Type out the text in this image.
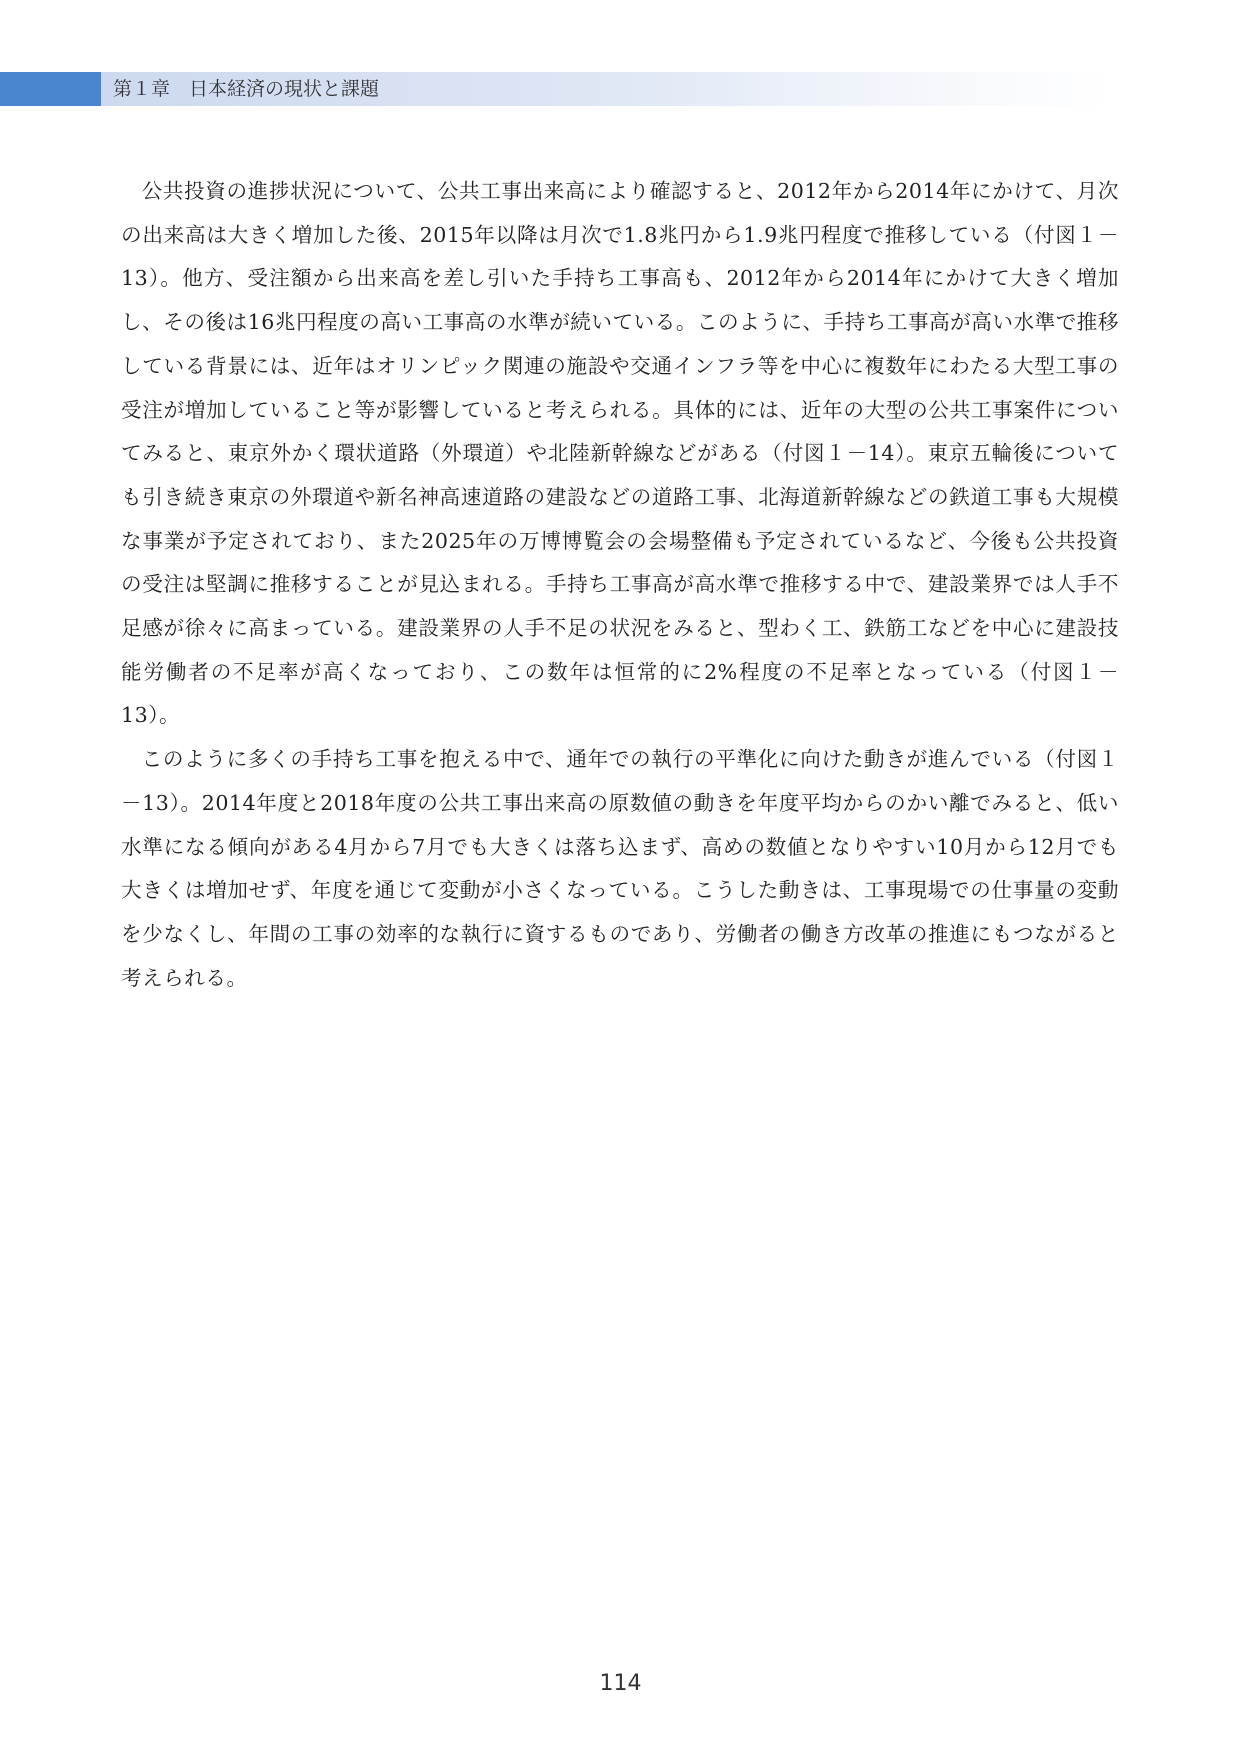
第１章　日本経済の現状と課題

公共投資の進捗状況について、公共工事出来高により確認すると、2012年から2014年にかけて、月次の出来高は大きく増加した後、2015年以降は月次で1.8兆円から1.9兆円程度で推移している（付図１－13）。他方、受注額から出来高を差し引いた手持ち工事高も、2012年から2014年にかけて大きく増加し、その後は16兆円程度の高い工事高の水準が続いている。このように、手持ち工事高が高い水準で推移している背景には、近年はオリンピック関連の施設や交通インフラ等を中心に複数年にわたる大型工事の受注が増加していること等が影響していると考えられる。具体的には、近年の大型の公共工事案件についてみると、東京外かく環状道路（外環道）や北陸新幹線などがある（付図１－14）。東京五輪後についても引き続き東京の外環道や新名神高速道路の建設などの道路工事、北海道新幹線などの鉄道工事も大規模な事業が予定されており、また2025年の万博博覧会の会場整備も予定されているなど、今後も公共投資の受注は堅調に推移することが見込まれる。手持ち工事高が高水準で推移する中で、建設業界では人手不足感が徐々に高まっている。建設業界の人手不足の状況をみると、型わく工、鉄筋工などを中心に建設技能労働者の不足率が高くなっており、この数年は恒常的に2%程度の不足率となっている（付図１－13）。

このように多くの手持ち工事を抱える中で、通年での執行の平準化に向けた動きが進んでいる（付図１－13）。2014年度と2018年度の公共工事出来高の原数値の動きを年度平均からのかい離でみると、低い水準になる傾向がある4月から7月でも大きくは落ち込まず、高めの数値となりやすい10月から12月でも大きくは増加せず、年度を通じて変動が小さくなっている。こうした動きは、工事現場での仕事量の変動を少なくし、年間の工事の効率的な執行に資するものであり、労働者の働き方改革の推進にもつながると考えられる。

114
